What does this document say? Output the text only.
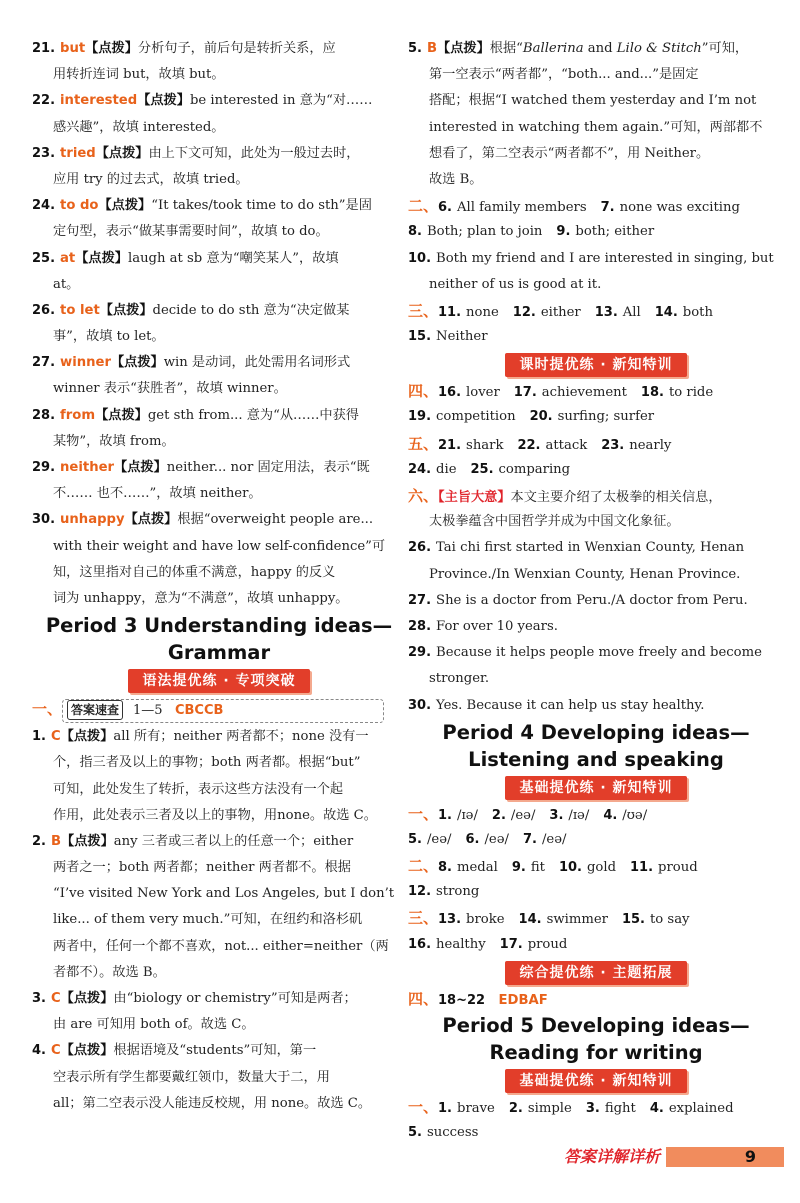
21. but【点拨】分析句子，前后句是转折关系，应
用转折连词 but，故填 but。
22. interested【点拨】be interested in 意为“对……
感兴趣”，故填 interested。
23. tried【点拨】由上下文可知，此处为一般过去时，
应用 try 的过去式，故填 tried。
24. to do【点拨】“It takes/took time to do sth”是固
定句型，表示“做某事需要时间”，故填 to do。
25. at【点拨】laugh at sb 意为“嘲笑某人”，故填
at。
26. to let【点拨】decide to do sth 意为“决定做某
事”，故填 to let。
27. winner【点拨】win 是动词，此处需用名词形式
winner 表示“获胜者”，故填 winner。
28. from【点拨】get sth from... 意为“从……中获得
某物”，故填 from。
29. neither【点拨】neither... nor 固定用法，表示“既
不…… 也不……”，故填 neither。
30. unhappy【点拨】根据“overweight people are...
with their weight and have low self-confidence”可
知，这里指对自己的体重不满意，happy 的反义
词为 unhappy，意为“不满意”，故填 unhappy。
Period 3 Understanding ideas—
Grammar
语法提优练 · 专项突破
一、 答案速查 1—5 CBCCB
1. C【点拨】all 所有；neither 两者都不；none 没有一
个，指三者及以上的事物；both 两者都。根据“but”
可知，此处发生了转折，表示这些方法没有一个起
作用，此处表示三者及以上的事物，用none。故选 C。
2. B【点拨】any 三者或三者以上的任意一个；either
两者之一；both 两者都；neither 两者都不。根据
“I’ve visited New York and Los Angeles, but I don’t
like... of them very much.”可知，在纽约和洛杉矶
两者中，任何一个都不喜欢，not... either=neither（两
者都不）。故选 B。
3. C【点拨】由“biology or chemistry”可知是两者；
由 are 可知用 both of。故选 C。
4. C【点拨】根据语境及“students”可知，第一
空表示所有学生都要戴红领巾，数量大于二，用
all；第二空表示没人能违反校规，用 none。故选 C。
5. B【点拨】根据“Ballerina and Lilo & Stitch”可知，
第一空表示“两者都”，“both... and...”是固定
搭配；根据“I watched them yesterday and I’m not
interested in watching them again.”可知，两部都不
想看了，第二空表示“两者都不”，用 Neither。
故选 B。
二、6. All family members 7. none was exciting
8. Both; plan to join 9. both; either
10. Both my friend and I are interested in singing, but
neither of us is good at it.
三、11. none 12. either 13. All 14. both
15. Neither
课时提优练 · 新知特训
四、16. lover 17. achievement 18. to ride
19. competition 20. surfing; surfer
五、21. shark 22. attack 23. nearly
24. die 25. comparing
六、【主旨大意】本文主要介绍了太极拳的相关信息，
太极拳蕴含中国哲学并成为中国文化象征。
26. Tai chi first started in Wenxian County, Henan
Province./In Wenxian County, Henan Province.
27. She is a doctor from Peru./A doctor from Peru.
28. For over 10 years.
29. Because it helps people move freely and become
stronger.
30. Yes. Because it can help us stay healthy.
Period 4 Developing ideas—
Listening and speaking
基础提优练 · 新知特训
一、1. /ɪə/ 2. /eə/ 3. /ɪə/ 4. /ʊə/
5. /eə/ 6. /eə/ 7. /eə/
二、8. medal 9. fit 10. gold 11. proud
12. strong
三、13. broke 14. swimmer 15. to say
16. healthy 17. proud
综合提优练 · 主题拓展
四、18~22 EDBAF
Period 5 Developing ideas—
Reading for writing
基础提优练 · 新知特训
一、1. brave 2. simple 3. fight 4. explained
5. success
答案详解详析	9
